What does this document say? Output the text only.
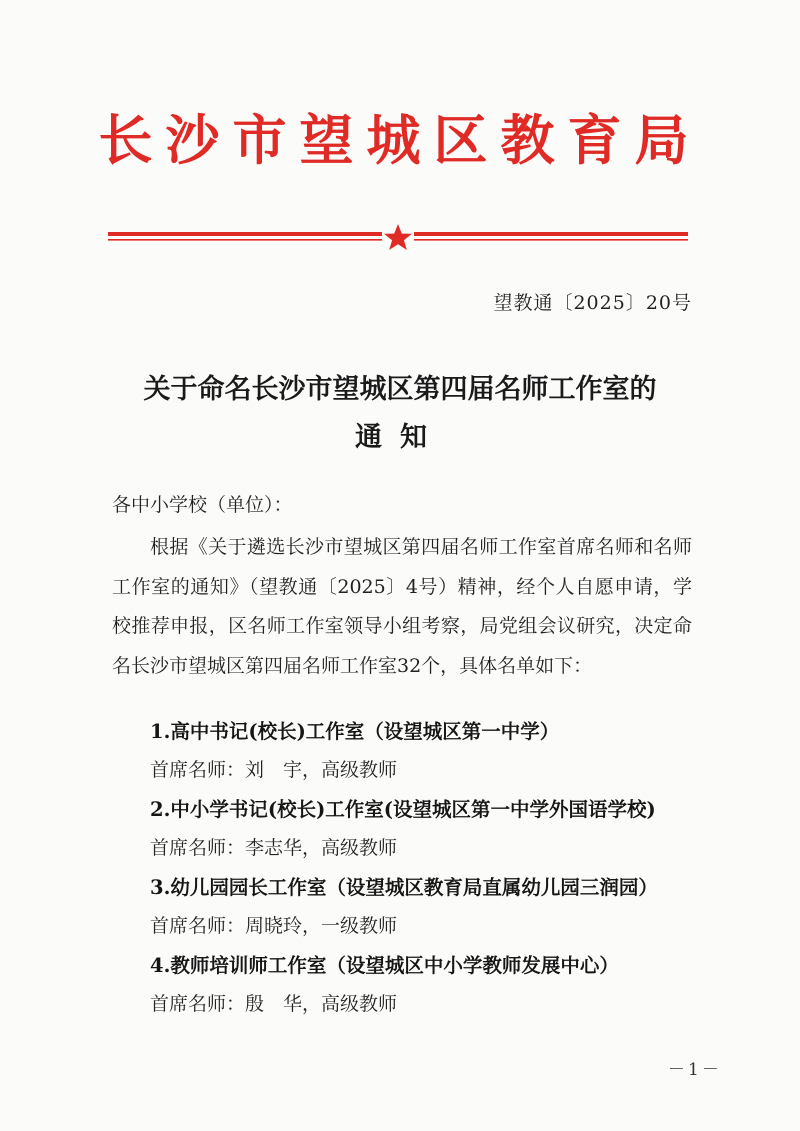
长沙市望城区教育局
望教通〔2025〕20号
关于命名长沙市望城区第四届名师工作室的
通知
各中小学校（单位）：

根据《关于遴选长沙市望城区第四届名师工作室首席名师和名师工作室的通知》（望教通〔2025〕4号）精神，经个人自愿申请，学校推荐申报，区名师工作室领导小组考察，局党组会议研究，决定命名长沙市望城区第四届名师工作室32个，具体名单如下：

1.高中书记(校长)工作室（设望城区第一中学）
首席名师：刘　宇，高级教师
2.中小学书记(校长)工作室(设望城区第一中学外国语学校)
首席名师：李志华，高级教师
3.幼儿园园长工作室（设望城区教育局直属幼儿园三润园）
首席名师：周晓玲，一级教师
4.教师培训师工作室（设望城区中小学教师发展中心）
首席名师：殷　华，高级教师
－1－
